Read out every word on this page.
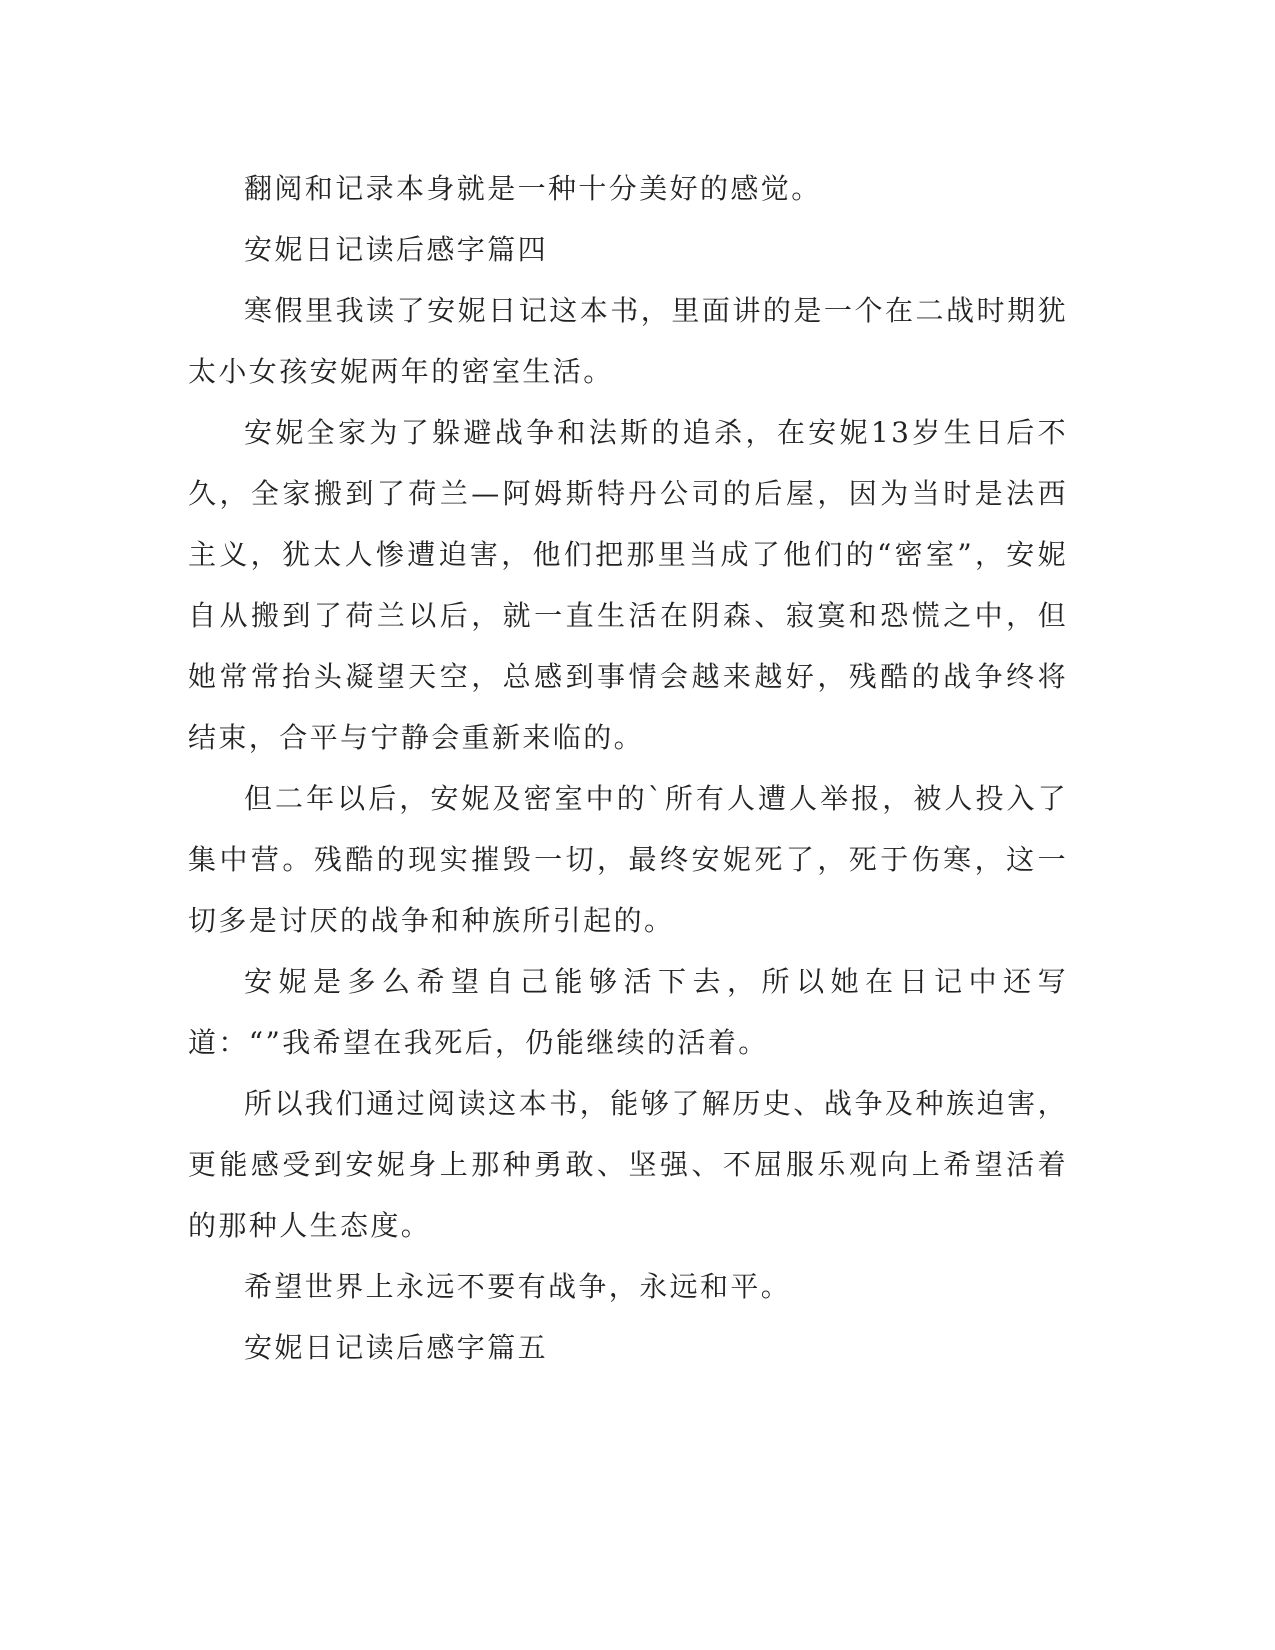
翻阅和记录本身就是一种十分美好的感觉。

安妮日记读后感字篇四

寒假里我读了安妮日记这本书，里面讲的是一个在二战时期犹太小女孩安妮两年的密室生活。

安妮全家为了躲避战争和法斯的追杀，在安妮13岁生日后不久，全家搬到了荷兰—阿姆斯特丹公司的后屋，因为当时是法西主义，犹太人惨遭迫害，他们把那里当成了他们的“密室”，安妮自从搬到了荷兰以后，就一直生活在阴森、寂寞和恐慌之中，但她常常抬头凝望天空，总感到事情会越来越好，残酷的战争终将结束，合平与宁静会重新来临的。

但二年以后，安妮及密室中的`所有人遭人举报，被人投入了集中营。残酷的现实摧毁一切，最终安妮死了，死于伤寒，这一切多是讨厌的战争和种族所引起的。

安妮是多么希望自己能够活下去，所以她在日记中还写道：“”我希望在我死后，仍能继续的活着。

所以我们通过阅读这本书，能够了解历史、战争及种族迫害，更能感受到安妮身上那种勇敢、坚强、不屈服乐观向上希望活着的那种人生态度。

希望世界上永远不要有战争，永远和平。

安妮日记读后感字篇五
